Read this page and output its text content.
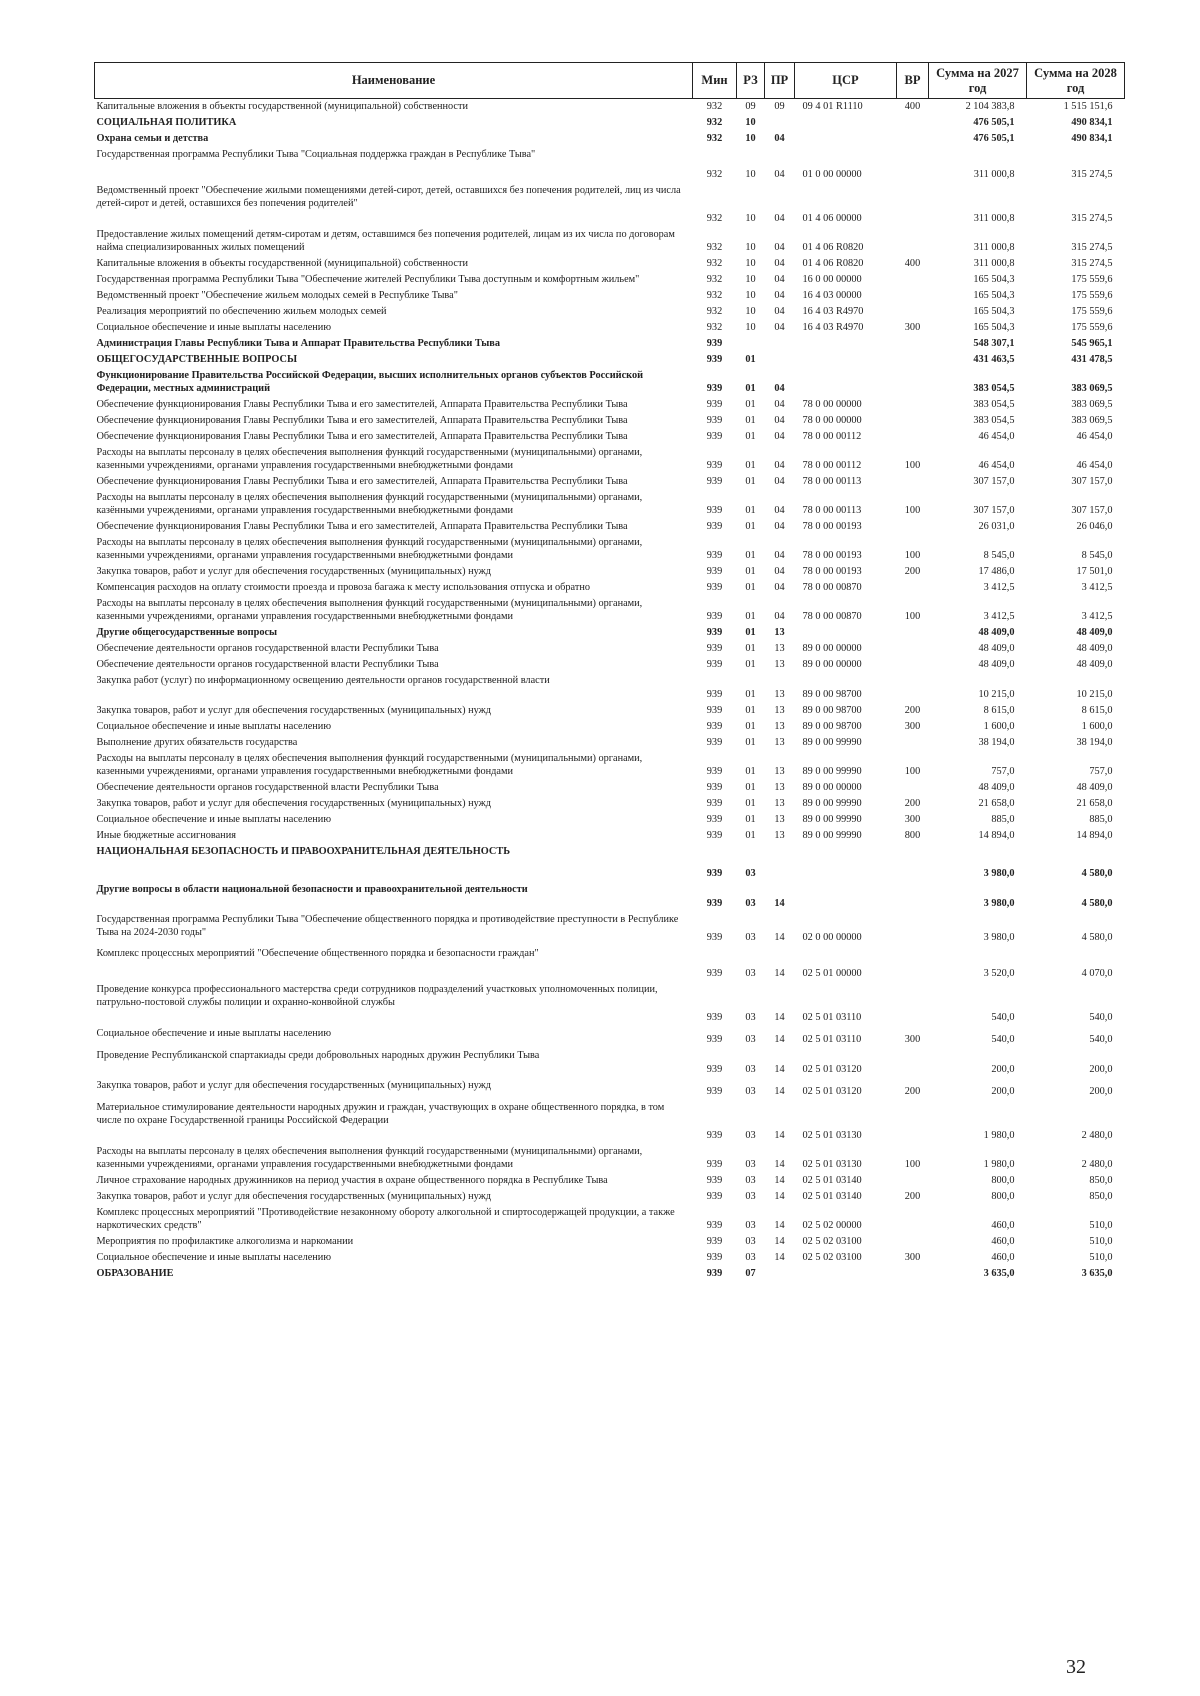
Наименование	Мин	РЗ	ПР	ЦСР	ВР	Сумма на 2027 год	Сумма на 2028 год
Капитальные вложения в объекты государственной (муниципальной) собственности	932	09	09	09 4 01 R1110	400	2 104 383,8	1 515 151,6
СОЦИАЛЬНАЯ ПОЛИТИКА	932	10				476 505,1	490 834,1
Охрана семьи и детства	932	10	04			476 505,1	490 834,1
Государственная программа Республики Тыва "Социальная поддержка граждан в Республике Тыва"	932	10	04	01 0 00 00000		311 000,8	315 274,5
Ведомственный проект "Обеспечение жилыми помещениями детей-сирот, детей, оставшихся без попечения родителей, лиц из числа детей-сирот и детей, оставшихся без попечения родителей"	932	10	04	01 4 06 00000		311 000,8	315 274,5
Предоставление жилых помещений детям-сиротам и детям, оставшимся без попечения родителей, лицам из их числа по договорам найма специализированных жилых помещений	932	10	04	01 4 06 R0820		311 000,8	315 274,5
Капитальные вложения в объекты государственной (муниципальной) собственности	932	10	04	01 4 06 R0820	400	311 000,8	315 274,5
Государственная программа Республики Тыва "Обеспечение жителей Республики Тыва доступным и комфортным жильем"	932	10	04	16 0 00 00000		165 504,3	175 559,6
Ведомственный проект "Обеспечение жильем молодых семей в Республике Тыва"	932	10	04	16 4 03 00000		165 504,3	175 559,6
Реализация мероприятий по обеспечению жильем молодых семей	932	10	04	16 4 03 R4970		165 504,3	175 559,6
Социальное обеспечение и иные выплаты населению	932	10	04	16 4 03 R4970	300	165 504,3	175 559,6
Администрация Главы Республики Тыва и Аппарат Правительства Республики Тыва	939					548 307,1	545 965,1
ОБЩЕГОСУДАРСТВЕННЫЕ ВОПРОСЫ	939	01				431 463,5	431 478,5
Функционирование Правительства Российской Федерации, высших исполнительных органов субъектов Российской Федерации, местных администраций	939	01	04			383 054,5	383 069,5
Обеспечение функционирования Главы Республики Тыва и его заместителей, Аппарата Правительства Республики Тыва	939	01	04	78 0 00 00000		383 054,5	383 069,5
Обеспечение функционирования Главы Республики Тыва и его заместителей, Аппарата Правительства Республики Тыва	939	01	04	78 0 00 00000		383 054,5	383 069,5
Обеспечение функционирования Главы Республики Тыва и его заместителей, Аппарата Правительства Республики Тыва	939	01	04	78 0 00 00112		46 454,0	46 454,0
Расходы на выплаты персоналу в целях обеспечения выполнения функций государственными (муниципальными) органами, казенными учреждениями, органами управления государственными внебюджетными фондами	939	01	04	78 0 00 00112	100	46 454,0	46 454,0
Обеспечение функционирования Главы Республики Тыва и его заместителей, Аппарата Правительства Республики Тыва	939	01	04	78 0 00 00113		307 157,0	307 157,0
Расходы на выплаты персоналу в целях обеспечения выполнения функций государственными (муниципальными) органами, казёнными учреждениями, органами управления государственными внебюджетными фондами	939	01	04	78 0 00 00113	100	307 157,0	307 157,0
Обеспечение функционирования Главы Республики Тыва и его заместителей, Аппарата Правительства Республики Тыва	939	01	04	78 0 00 00193		26 031,0	26 046,0
Расходы на выплаты персоналу в целях обеспечения выполнения функций государственными (муниципальными) органами, казенными учреждениями, органами управления государственными внебюджетными фондами	939	01	04	78 0 00 00193	100	8 545,0	8 545,0
Закупка товаров, работ и услуг для обеспечения государственных (муниципальных) нужд	939	01	04	78 0 00 00193	200	17 486,0	17 501,0
Компенсация расходов на оплату стоимости проезда и провоза багажа к месту использования отпуска и обратно	939	01	04	78 0 00 00870		3 412,5	3 412,5
Расходы на выплаты персоналу в целях обеспечения выполнения функций государственными (муниципальными) органами, казенными учреждениями, органами управления государственными внебюджетными фондами	939	01	04	78 0 00 00870	100	3 412,5	3 412,5
Другие общегосударственные вопросы	939	01	13			48 409,0	48 409,0
Обеспечение деятельности органов государственной власти Республики Тыва	939	01	13	89 0 00 00000		48 409,0	48 409,0
Обеспечение деятельности органов государственной власти Республики Тыва	939	01	13	89 0 00 00000		48 409,0	48 409,0
Закупка работ (услуг) по информационному освещению деятельности органов государственной власти	939	01	13	89 0 00 98700		10 215,0	10 215,0
Закупка товаров, работ и услуг для обеспечения государственных (муниципальных) нужд	939	01	13	89 0 00 98700	200	8 615,0	8 615,0
Социальное обеспечение и иные выплаты населению	939	01	13	89 0 00 98700	300	1 600,0	1 600,0
Выполнение других обязательств государства	939	01	13	89 0 00 99990		38 194,0	38 194,0
Расходы на выплаты персоналу в целях обеспечения выполнения функций государственными (муниципальными) органами, казенными учреждениями, органами управления государственными внебюджетными фондами	939	01	13	89 0 00 99990	100	757,0	757,0
Обеспечение деятельности органов государственной власти Республики Тыва	939	01	13	89 0 00 00000		48 409,0	48 409,0
Закупка товаров, работ и услуг для обеспечения государственных (муниципальных) нужд	939	01	13	89 0 00 99990	200	21 658,0	21 658,0
Социальное обеспечение и иные выплаты населению	939	01	13	89 0 00 99990	300	885,0	885,0
Иные бюджетные ассигнования	939	01	13	89 0 00 99990	800	14 894,0	14 894,0
НАЦИОНАЛЬНАЯ БЕЗОПАСНОСТЬ И ПРАВООХРАНИТЕЛЬНАЯ ДЕЯТЕЛЬНОСТЬ	939	03				3 980,0	4 580,0
Другие вопросы в области национальной безопасности и правоохранительной деятельности	939	03	14			3 980,0	4 580,0
Государственная программа Республики Тыва "Обеспечение общественного порядка и противодействие преступности в Республике Тыва на 2024-2030 годы"	939	03	14	02 0 00 00000		3 980,0	4 580,0
Комплекс процессных мероприятий "Обеспечение общественного порядка и безопасности граждан"	939	03	14	02 5 01 00000		3 520,0	4 070,0
Проведение конкурса профессионального мастерства среди сотрудников подразделений участковых уполномоченных полиции, патрульно-постовой службы полиции и охранно-конвойной службы	939	03	14	02 5 01 03110		540,0	540,0
Социальное обеспечение и иные выплаты населению	939	03	14	02 5 01 03110	300	540,0	540,0
Проведение Республиканской спартакиады среди добровольных народных дружин Республики Тыва	939	03	14	02 5 01 03120		200,0	200,0
Закупка товаров, работ и услуг для обеспечения государственных (муниципальных) нужд	939	03	14	02 5 01 03120	200	200,0	200,0
Материальное стимулирование деятельности народных дружин и граждан, участвующих в охране общественного порядка, в том числе по охране Государственной границы Российской Федерации	939	03	14	02 5 01 03130		1 980,0	2 480,0
Расходы на выплаты персоналу в целях обеспечения выполнения функций государственными (муниципальными) органами, казенными учреждениями, органами управления государственными внебюджетными фондами	939	03	14	02 5 01 03130	100	1 980,0	2 480,0
Личное страхование народных дружинников на период участия в охране общественного порядка в Республике Тыва	939	03	14	02 5 01 03140		800,0	850,0
Закупка товаров, работ и услуг для обеспечения государственных (муниципальных) нужд	939	03	14	02 5 01 03140	200	800,0	850,0
Комплекс процессных мероприятий "Противодействие незаконному обороту алкогольной и спиртосодержащей продукции, а также наркотических средств"	939	03	14	02 5 02 00000		460,0	510,0
Мероприятия по профилактике алкоголизма и наркомании	939	03	14	02 5 02 03100		460,0	510,0
Социальное обеспечение и иные выплаты населению	939	03	14	02 5 02 03100	300	460,0	510,0
ОБРАЗОВАНИЕ	939	07				3 635,0	3 635,0
32
